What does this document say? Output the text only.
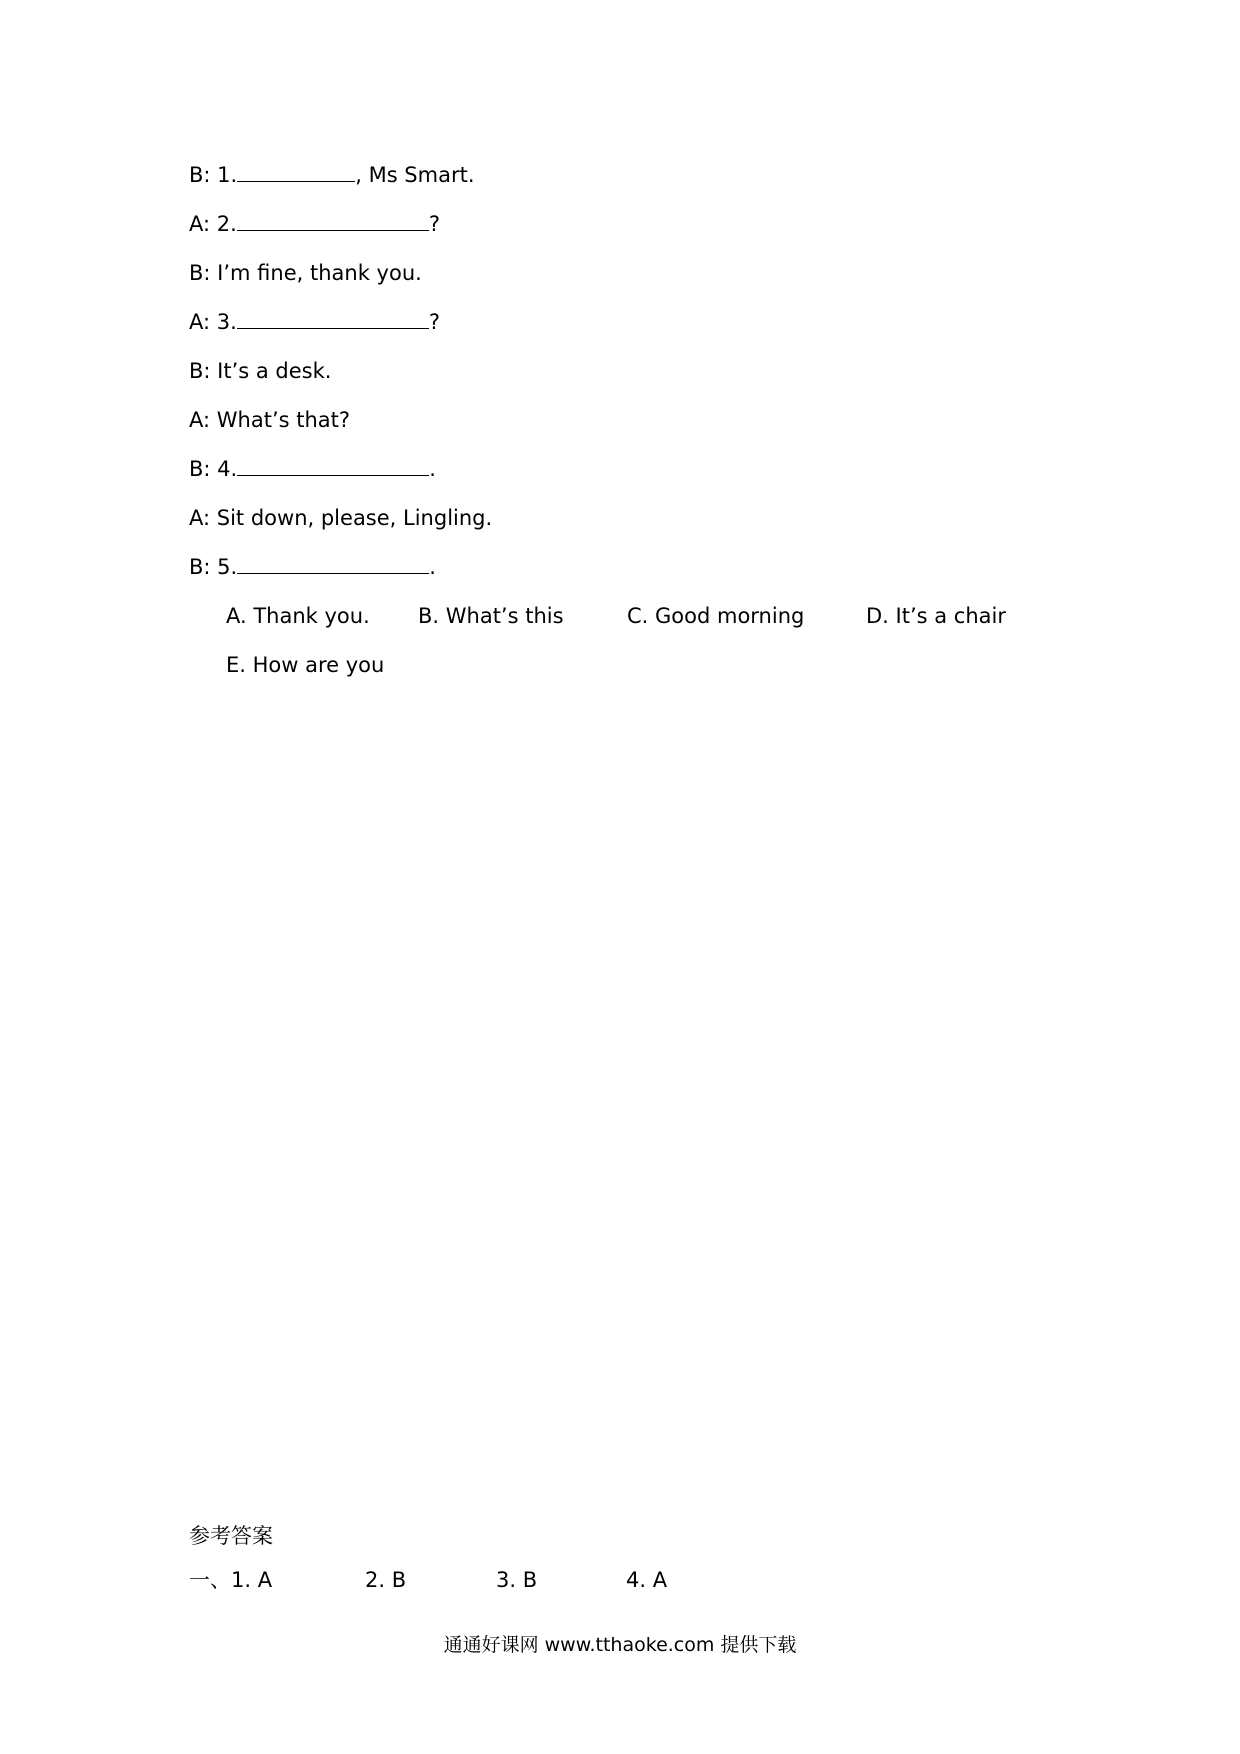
B: 1.	, Ms Smart.
A: 2.	?
B: I’m fine, thank you.
A: 3.	?
B: It’s a desk.
A: What’s that?
B: 4.	.
A: Sit down, please, Lingling.
B: 5.	.
A. Thank you. B. What’s this	C. Good morning	D. It’s a chair
E. How are you
参考答案
一、 1. A	2. B	3. B	4. A
通通好课网 www.tthaoke.com 提供下载
